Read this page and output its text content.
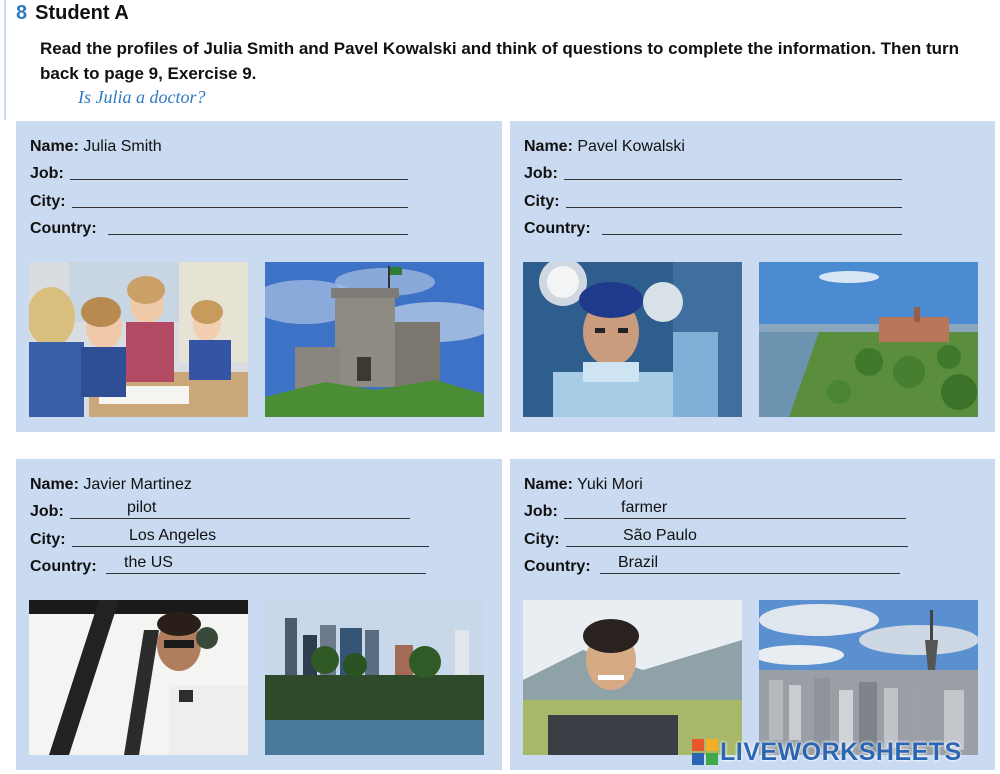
8 Student A
Read the profiles of Julia Smith and Pavel Kowalski and think of questions to complete the information. Then turn back to page 9, Exercise 9.
Is Julia a doctor?
Name: Julia Smith
Job:
City:
Country:
Name: Pavel Kowalski
Job:
City:
Country:
Name: Javier Martinez
Job:	pilot
City:	Los Angeles
Country: the US
Name: Yuki Mori
Job:	farmer
City:	São Paulo
Country: Brazil
LIVEWORKSHEETS
